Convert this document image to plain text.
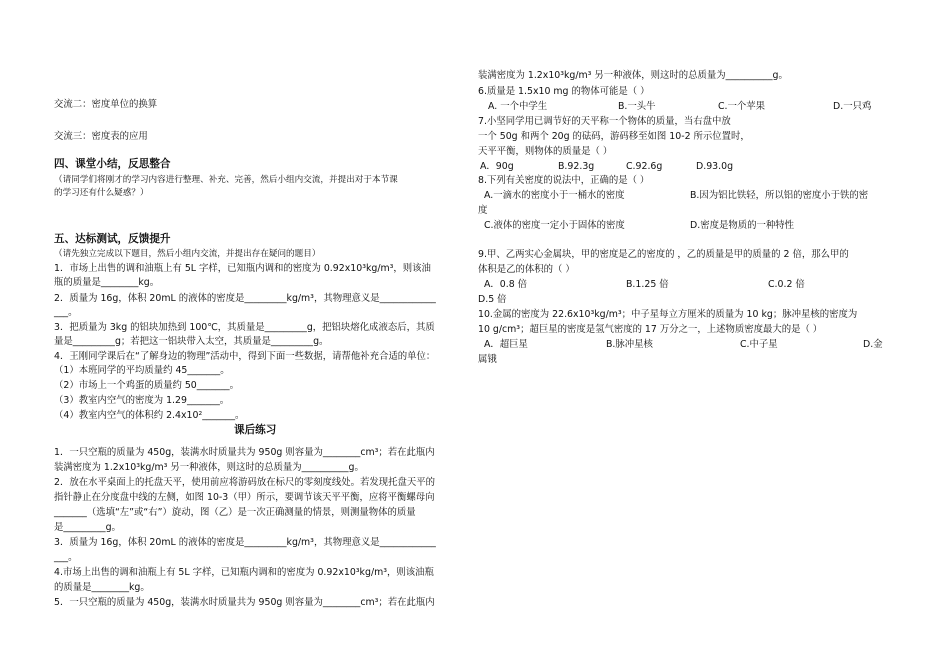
交流二：密度单位的换算
交流三：密度表的应用
四、课堂小结，反思整合
（请同学们将刚才的学习内容进行整理、补充、完善，然后小组内交流，并提出对于本节课
的学习还有什么疑惑？）
五、达标测试，反馈提升
（请先独立完成以下题目，然后小组内交流，并提出存在疑问的题目）
1．市场上出售的调和油瓶上有 5L 字样，已知瓶内调和的密度为 0.92x10³kg/m³，则该油
瓶的质量是________kg。
2．质量为 16g，体积 20mL 的液体的密度是_________kg/m³，其物理意义是____________
___。
3．把质量为 3kg 的铝块加热到 100℃，其质量是_________g，把铝块熔化成液态后，其质
量是_________g；若把这一铝块带入太空，其质量是_________g。
4．王刚同学课后在“了解身边的物理”活动中，得到下面一些数据，请帮他补充合适的单位：
（1）本班同学的平均质量约 45_______。
（2）市场上一个鸡蛋的质量约 50_______。
（3）教室内空气的密度为 1.29_______。
（4）教室内空气的体积约 2.4x10²_______。
课后练习
1．一只空瓶的质量为 450g，装满水时质量共为 950g 则容量为________cm³；若在此瓶内
装满密度为 1.2x10³kg/m³ 另一种液体，则这时的总质量为__________g。
2．放在水平桌面上的托盘天平，使用前应将游码放在标尺的零刻度线处。若发现托盘天平的
指针静止在分度盘中线的左侧，如图 10-3（甲）所示，要调节该天平平衡，应将平衡螺母向
_______（选填“左”或“右”）旋动，图（乙）是一次正确测量的情景，则测量物体的质量
是_________g。
3．质量为 16g，体积 20mL 的液体的密度是_________kg/m³，其物理意义是____________
___。
4.市场上出售的调和油瓶上有 5L 字样，已知瓶内调和的密度为 0.92x10³kg/m³，则该油瓶
的质量是________kg。
5．一只空瓶的质量为 450g，装满水时质量共为 950g 则容量为________cm³；若在此瓶内
装满密度为 1.2x10³kg/m³ 另一种液体，则这时的总质量为__________g。
6.质量是 1.5x10 mg 的物体可能是（ ）
A. 一个中学生	B.一头牛	C.一个苹果	D.一只鸡
7.小坚同学用已调节好的天平称一个物体的质量，当右盘中放
一个 50g 和两个 20g 的砝码，游码移至如图 10-2 所示位置时，
天平平衡，则物体的质量是（ ）
A．90g	B.92.3g	C.92.6g	D.93.0g
8.下列有关密度的说法中，正确的是（ ）
A.一滴水的密度小于一桶水的密度	B.因为铝比铁轻，所以铝的密度小于铁的密
度
C.液体的密度一定小于固体的密度	D.密度是物质的一种特性
9.甲、乙两实心金属块，甲的密度是乙的密度的 ，乙的质量是甲的质量的 2 倍，那么甲的
体积是乙的体积的（ ）
A．0.8 倍	B.1.25 倍	C.0.2 倍
D.5 倍
10.金属的密度为 22.6x10³kg/m³；中子星每立方厘米的质量为 10 kg；脉冲星核的密度为
10 g/cm³；超巨星的密度是氢气密度的 17 万分之一，上述物质密度最大的是（ ）
A．超巨星	B.脉冲星核	C.中子星	D.金
属锇
